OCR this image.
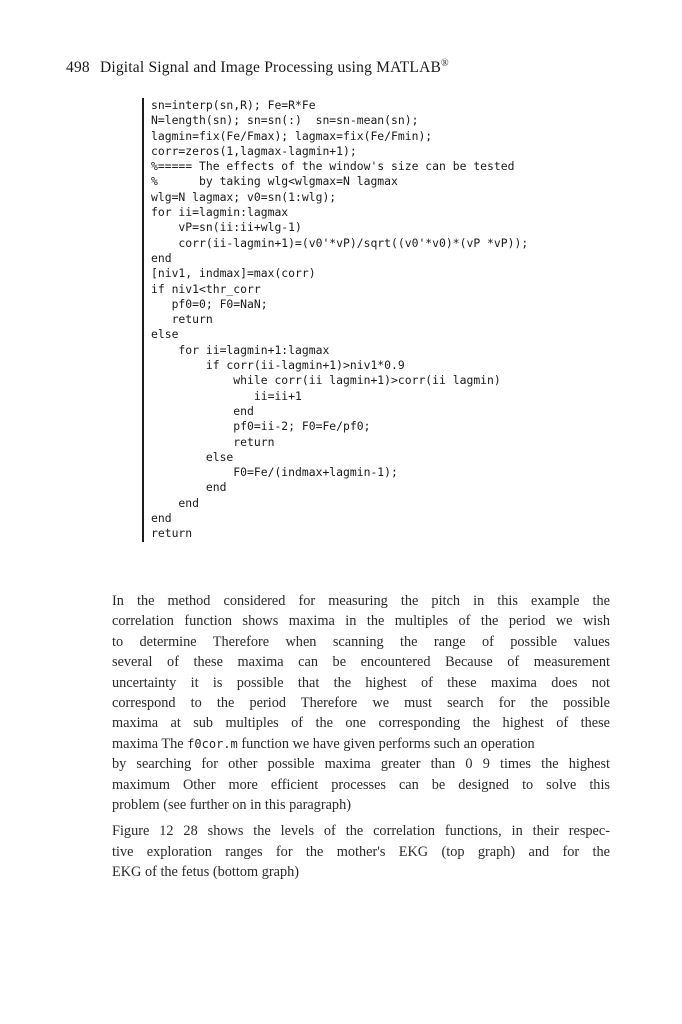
498 Digital Signal and Image Processing using MATLAB®
sn=interp(sn,R); Fe=R*Fe
N=length(sn); sn=sn(:)  sn=sn-mean(sn);
lagmin=fix(Fe/Fmax); lagmax=fix(Fe/Fmin);
corr=zeros(1,lagmax-lagmin+1);
%===== The effects of the window's size can be tested
%      by taking wlg<wlgmax=N lagmax
wlg=N lagmax; v0=sn(1:wlg);
for ii=lagmin:lagmax
vP=sn(ii:ii+wlg-1)
corr(ii-lagmin+1)=(v0'*vP)/sqrt((v0'*v0)*(vP *vP));
end
[niv1, indmax]=max(corr)
if niv1<thr_corr
pf0=0; F0=NaN;
return
else
for ii=lagmin+1:lagmax
if corr(ii-lagmin+1)>niv1*0.9
while corr(ii lagmin+1)>corr(ii lagmin)
ii=ii+1
end
pf0=ii-2; F0=Fe/pf0;
return
else
F0=Fe/(indmax+lagmin-1);
end
end
end
return
In the method considered for measuring the pitch in this example the
correlation function shows maxima in the multiples of the period we wish
to determine Therefore when scanning the range of possible values
several of these maxima can be encountered Because of measurement
uncertainty it is possible that the highest of these maxima does not
correspond to the period Therefore we must search for the possible
maxima at sub multiples of the one corresponding the highest of these
maxima The f0cor.m function we have given performs such an operation
by searching for other possible maxima greater than 0 9 times the highest
maximum Other more efficient processes can be designed to solve this
problem (see further on in this paragraph)
Figure 12 28 shows the levels of the correlation functions, in their respec-
tive exploration ranges for the mother's EKG (top graph) and for the
EKG of the fetus (bottom graph)
